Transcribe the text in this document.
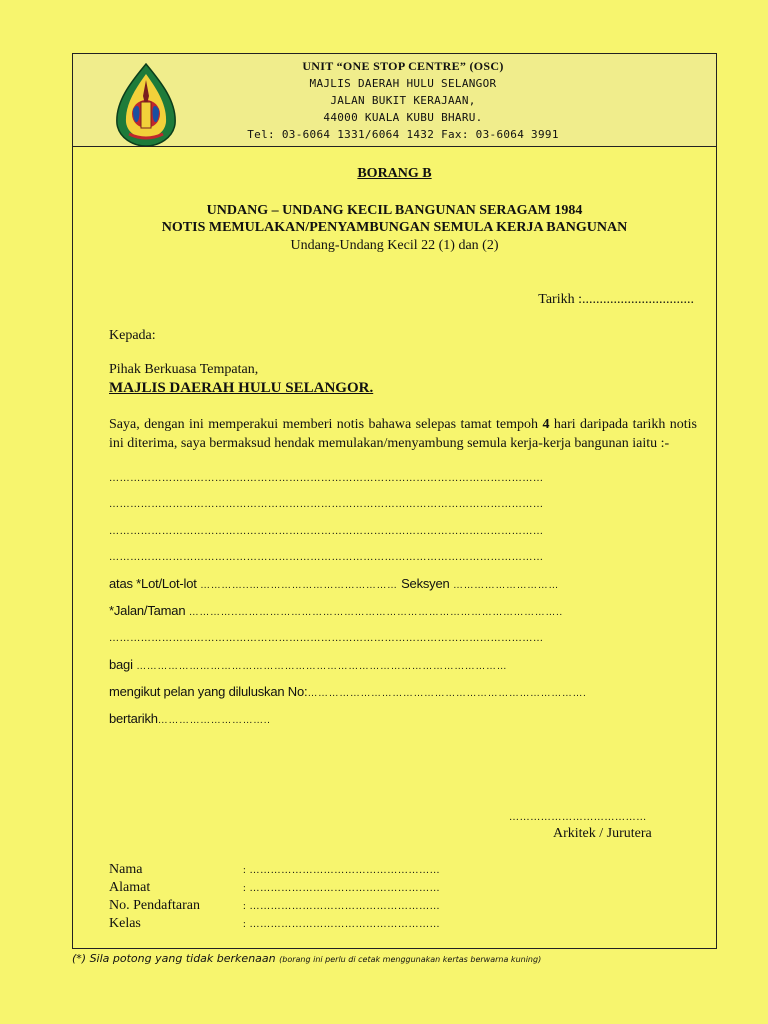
UNIT “ONE STOP CENTRE” (OSC)
MAJLIS DAERAH HULU SELANGOR
JALAN BUKIT KERAJAAN,
44000 KUALA KUBU BHARU.
Tel: 03-6064 1331/6064 1432 Fax: 03-6064 3991
BORANG B
UNDANG – UNDANG KECIL BANGUNAN SERAGAM 1984
NOTIS MEMULAKAN/PENYAMBUNGAN SEMULA KERJA BANGUNAN
Undang-Undang Kecil 22 (1) dan (2)
Tarikh :................................
Kepada:
Pihak Berkuasa Tempatan,
MAJLIS DAERAH HULU SELANGOR.
Saya, dengan ini memperakui memberi notis bahawa selepas tamat tempoh 4 hari daripada tarikh notis ini diterima, saya bermaksud hendak memulakan/menyambung semula kerja-kerja bangunan iaitu :-
……………………………………………………………………………………………………………
……………………………………………………………………………………………………………
……………………………………………………………………………………………………………
……………………………………………………………………………………………………………
atas *Lot/Lot-lot …………..…………………………………… Seksyen …………………………
*Jalan/Taman …………..………………………………………………………………………………..
……………………………………………………………………………………………………………
bagi ……………………………………………………………………………………………
mengikut pelan yang diluluskan No:…………………………………………………………………….
bertarikh…………………………..
…………………………………
Arkitek / Jurutera
Nama	: ………………………………………………
Alamat	: ………………………………………………
No. Pendaftaran	: ………………………………………………
Kelas	: ………………………………………………
(*) Sila potong yang tidak berkenaan (borang ini perlu di cetak menggunakan kertas berwarna kuning)
